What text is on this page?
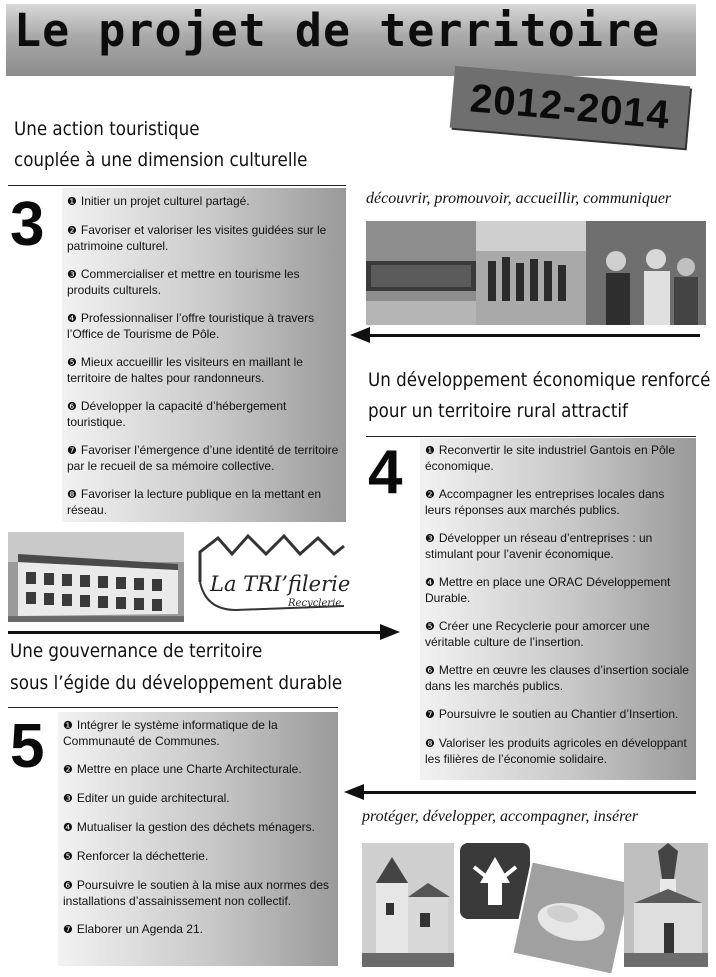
Le projet de territoire
2012-2014
Une action touristique
couplée à une dimension culturelle
3 ❶ Initier un projet culturel partagé.
❷ Favoriser et valoriser les visites guidées sur le patrimoine culturel.
❸ Commercialiser et mettre en tourisme les produits culturels.
❹ Professionnaliser l’offre touristique à travers l’Office de Tourisme de Pôle.
❺ Mieux accueillir les visiteurs en maillant le territoire de haltes pour randonneurs.
❻ Développer la capacité d’hébergement touristique.
❼ Favoriser l’émergence d’une identité de territoire par le recueil de sa mémoire collective.
❽ Favoriser la lecture publique en la mettant en réseau.
découvrir, promouvoir, accueillir, communiquer
Un développement économique renforcé
pour un territoire rural attractif
4 ❶ Reconvertir le site industriel Gantois en Pôle économique.
❷ Accompagner les entreprises locales dans leurs réponses aux marchés publics.
❸ Développer un réseau d’entreprises : un stimulant pour l’avenir économique.
❹ Mettre en place une ORAC Développement Durable.
❺ Créer une Recyclerie pour amorcer une véritable culture de l’insertion.
❻ Mettre en œuvre les clauses d’insertion sociale dans les marchés publics.
❼ Poursuivre le soutien au Chantier d’Insertion.
❽ Valoriser les produits agricoles en développant les filières de l’économie solidaire.
La TRI’filerie
Recyclerie
Une gouvernance de territoire
sous l’égide du développement durable
5 ❶ Intégrer le système informatique de la Communauté de Communes.
❷ Mettre en place une Charte Architecturale.
❸ Editer un guide architectural.
❹ Mutualiser la gestion des déchets ménagers.
❺ Renforcer la déchetterie.
❻ Poursuivre le soutien à la mise aux normes des installations d’assainissement non collectif.
❼ Elaborer un Agenda 21.
protéger, développer, accompagner, insérer
